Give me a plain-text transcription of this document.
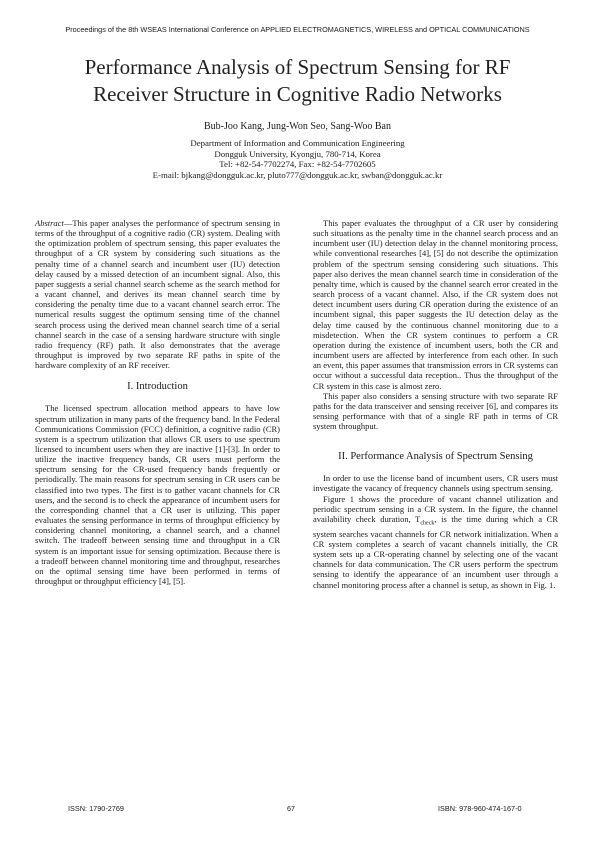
Proceedings of the 8th WSEAS International Conference on APPLIED ELECTROMAGNETICS, WIRELESS and OPTICAL COMMUNICATIONS
Performance Analysis of Spectrum Sensing for RF
Receiver Structure in Cognitive Radio Networks
Bub-Joo Kang, Jung-Won Seo, Sang-Woo Ban
Department of Information and Communication Engineering
Dongguk University, Kyongju, 780-714, Korea
Tel: +82-54-7702274, Fax: +82-54-7702605
E-mail: bjkang@dongguk.ac.kr, pluto777@dongguk.ac.kr, swban@dongguk.ac.kr

Abstract—This paper analyses the performance of spectrum sensing in terms of the throughput of a cognitive radio (CR) system. Dealing with the optimization problem of spectrum sensing, this paper evaluates the throughput of a CR system by considering such situations as the penalty time of a channel search and incumbent user (IU) detection delay caused by a missed detection of an incumbent signal. Also, this paper suggests a serial channel search scheme as the search method for a vacant channel, and derives its mean channel search time by considering the penalty time due to a vacant channel search error. The numerical results suggest the optimum sensing time of the channel search process using the derived mean channel search time of a serial channel search in the case of a sensing hardware structure with single radio frequency (RF) path. It also demonstrates that the average throughput is improved by two separate RF paths in spite of the hardware complexity of an RF receiver.

I. Introduction

The licensed spectrum allocation method appears to have low spectrum utilization in many parts of the frequency band. In the Federal Communications Commission (FCC) definition, a cognitive radio (CR) system is a spectrum utilization that allows CR users to use spectrum licensed to incumbent users when they are inactive [1]-[3]. In order to utilize the inactive frequency bands, CR users must perform the spectrum sensing for the CR-used frequency bands frequently or periodically. The main reasons for spectrum sensing in CR users can be classified into two types. The first is to gather vacant channels for CR users, and the second is to check the appearance of incumbent users for the corresponding channel that a CR user is utilizing. This paper evaluates the sensing performance in terms of throughput efficiency by considering channel monitoring, a channel search, and a channel switch. The tradeoff between sensing time and throughput in a CR system is an important issue for sensing optimization. Because there is a tradeoff between channel monitoring time and throughput, researches on the optimal sensing time have been performed in terms of throughput or throughput efficiency [4], [5].

This paper evaluates the throughput of a CR user by considering such situations as the penalty time in the channel search process and an incumbent user (IU) detection delay in the channel monitoring process, while conventional researches [4], [5] do not describe the optimization problem of the spectrum sensing considering such situations. This paper also derives the mean channel search time in consideration of the penalty time, which is caused by the channel search error created in the search process of a vacant channel. Also, if the CR system does not detect incumbent users during CR operation during the existence of an incumbent signal, this paper suggests the IU detection delay as the delay time caused by the continuous channel monitoring due to a misdetection. When the CR system continues to perform a CR operation during the existence of incumbent users, both the CR and incumbent users are affected by interference from each other. In such an event, this paper assumes that transmission errors in CR systems can occur without a successful data reception.. Thus the throughput of the CR system in this case is almost zero.

This paper also considers a sensing structure with two separate RF paths for the data transceiver and sensing receiver [6], and compares its sensing performance with that of a single RF path in terms of CR system throughput.

II. Performance Analysis of Spectrum Sensing

In order to use the license band of incumbent users, CR users must investigate the vacancy of frequency channels using spectrum sensing.

Figure 1 shows the procedure of vacant channel utilization and periodic spectrum sensing in a CR system. In the figure, the channel availability check duration, $T_{check}$, is the time during which a CR system searches vacant channels for CR network initialization. When a CR system completes a search of vacant channels initially, the CR system sets up a CR-operating channel by selecting one of the vacant channels for data communication. The CR users perform the spectrum sensing to identify the appearance of an incumbent user through a channel monitoring process after a channel is setup, as shown in Fig. 1.

ISSN: 1790-2769	67	ISBN: 978-960-474-167-0
